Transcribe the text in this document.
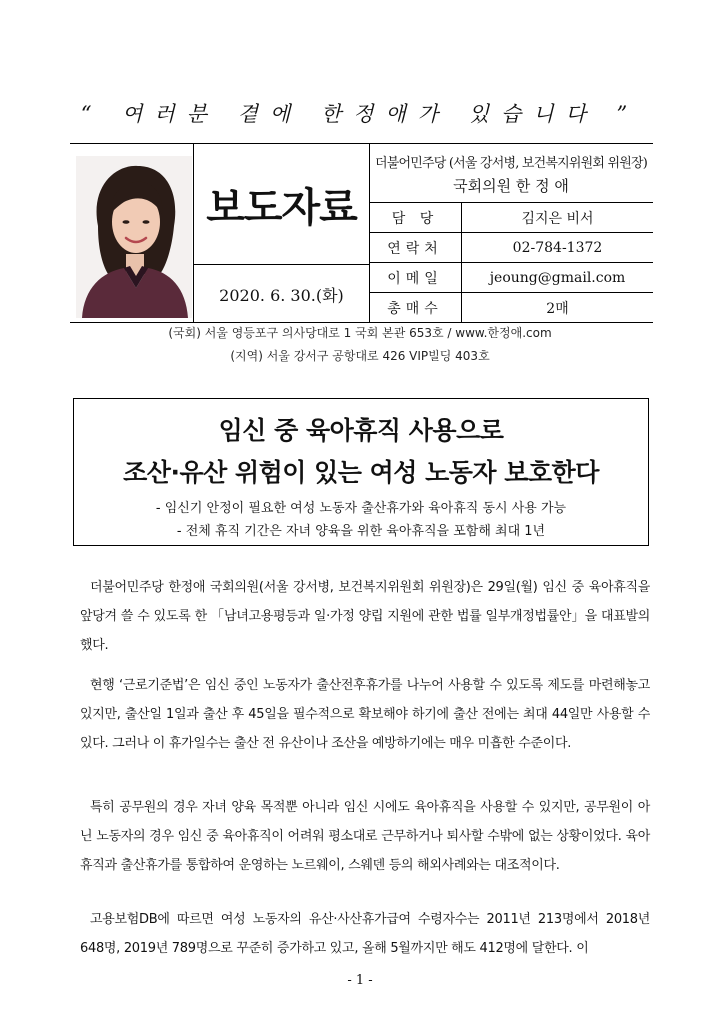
“ 여러분 곁에 한정애가 있습니다 ”
보도자료
2020. 6. 30.(화)
더불어민주당 (서울 강서병, 보건복지위원회 위원장)
국회의원 한 정 애
담 당	김지은 비서
연락처	02-784-1372
이메일	jeoung@gmail.com
총매수	2매
(국회) 서울 영등포구 의사당대로 1 국회 본관 653호 / www.한정애.com
(지역) 서울 강서구 공항대로 426 VIP빌딩 403호
임신 중 육아휴직 사용으로
조산·유산 위험이 있는 여성 노동자 보호한다
- 임신기 안정이 필요한 여성 노동자 출산휴가와 육아휴직 동시 사용 가능
- 전체 휴직 기간은 자녀 양육을 위한 육아휴직을 포함해 최대 1년

더불어민주당 한정애 국회의원(서울 강서병, 보건복지위원회 위원장)은 29일(월) 임신 중 육아휴직을 앞당겨 쓸 수 있도록 한 「남녀고용평등과 일·가정 양립 지원에 관한 법률 일부개정법률안」을 대표발의 했다.

현행 ‘근로기준법’은 임신 중인 노동자가 출산전후휴가를 나누어 사용할 수 있도록 제도를 마련해놓고 있지만, 출산일 1일과 출산 후 45일을 필수적으로 확보해야 하기에 출산 전에는 최대 44일만 사용할 수 있다. 그러나 이 휴가일수는 출산 전 유산이나 조산을 예방하기에는 매우 미흡한 수준이다.

특히 공무원의 경우 자녀 양육 목적뿐 아니라 임신 시에도 육아휴직을 사용할 수 있지만, 공무원이 아닌 노동자의 경우 임신 중 육아휴직이 어려워 평소대로 근무하거나 퇴사할 수밖에 없는 상황이었다. 육아휴직과 출산휴가를 통합하여 운영하는 노르웨이, 스웨덴 등의 해외사례와는 대조적이다.

고용보험DB에 따르면 여성 노동자의 유산·사산휴가급여 수령자수는 2011년 213명에서 2018년 648명, 2019년 789명으로 꾸준히 증가하고 있고, 올해 5월까지만 해도 412명에 달한다. 이

- 1 -
